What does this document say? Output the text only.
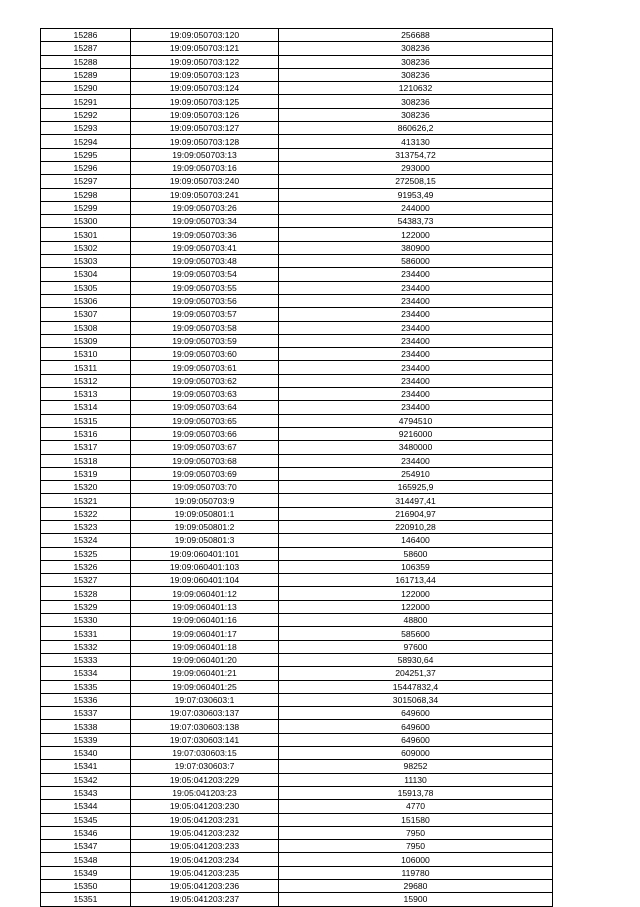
15286	19:09:050703:120	256688
15287	19:09:050703:121	308236
15288	19:09:050703:122	308236
15289	19:09:050703:123	308236
15290	19:09:050703:124	1210632
15291	19:09:050703:125	308236
15292	19:09:050703:126	308236
15293	19:09:050703:127	860626,2
15294	19:09:050703:128	413130
15295	19:09:050703:13	313754,72
15296	19:09:050703:16	293000
15297	19:09:050703:240	272508,15
15298	19:09:050703:241	91953,49
15299	19:09:050703:26	244000
15300	19:09:050703:34	54383,73
15301	19:09:050703:36	122000
15302	19:09:050703:41	380900
15303	19:09:050703:48	586000
15304	19:09:050703:54	234400
15305	19:09:050703:55	234400
15306	19:09:050703:56	234400
15307	19:09:050703:57	234400
15308	19:09:050703:58	234400
15309	19:09:050703:59	234400
15310	19:09:050703:60	234400
15311	19:09:050703:61	234400
15312	19:09:050703:62	234400
15313	19:09:050703:63	234400
15314	19:09:050703:64	234400
15315	19:09:050703:65	4794510
15316	19:09:050703:66	9216000
15317	19:09:050703:67	3480000
15318	19:09:050703:68	234400
15319	19:09:050703:69	254910
15320	19:09:050703:70	165925,9
15321	19:09:050703:9	314497,41
15322	19:09:050801:1	216904,97
15323	19:09:050801:2	220910,28
15324	19:09:050801:3	146400
15325	19:09:060401:101	58600
15326	19:09:060401:103	106359
15327	19:09:060401:104	161713,44
15328	19:09:060401:12	122000
15329	19:09:060401:13	122000
15330	19:09:060401:16	48800
15331	19:09:060401:17	585600
15332	19:09:060401:18	97600
15333	19:09:060401:20	58930,64
15334	19:09:060401:21	204251,37
15335	19:09:060401:25	15447832,4
15336	19:07:030603:1	3015068,34
15337	19:07:030603:137	649600
15338	19:07:030603:138	649600
15339	19:07:030603:141	649600
15340	19:07:030603:15	609000
15341	19:07:030603:7	98252
15342	19:05:041203:229	11130
15343	19:05:041203:23	15913,78
15344	19:05:041203:230	4770
15345	19:05:041203:231	151580
15346	19:05:041203:232	7950
15347	19:05:041203:233	7950
15348	19:05:041203:234	106000
15349	19:05:041203:235	119780
15350	19:05:041203:236	29680
15351	19:05:041203:237	15900
